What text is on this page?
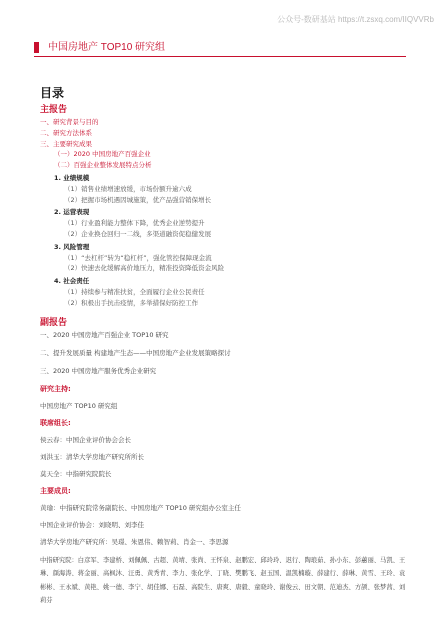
公众号-数研基站 https://t.zsxq.com/IIQVVRb
中国房地产 TOP10 研究组
目录
主报告
一、研究背景与目的
二、研究方法体系
三、主要研究成果
（一）2020 中国房地产百强企业
（二）百强企业整体发展特点分析
1. 业绩规模
（1）销售业绩增速放缓，市场份额升逾六成
（2）把握市场机遇因城施策，优产品强营销保增长
2. 运营表现
（1）行业盈利能力整体下降，优秀企业逆势提升
（2）企业换仓回归一二线，多渠道融资促稳健发展
3. 风险管理
（1）“去杠杆”转为“稳杠杆”，强化管控保障现金流
（2）快速去化缓解高价地压力，精准投资降低资金风险
4. 社会责任
（1）持续参与精准扶贫，全面履行企业公民责任
（2）积极出手抗击疫情，多举措保好防控工作
副报告
一、2020 中国房地产百强企业 TOP10 研究
二、提升发展质量 构建地产生态——中国房地产企业发展策略探讨
三、2020 中国房地产服务优秀企业研究
研究主持:
中国房地产 TOP10 研究组
联席组长:
侯云春：中国企业评价协会会长
刘洪玉：清华大学房地产研究所所长
莫天全：中指研究院院长
主要成员:
黄瑜：中指研究院常务副院长、中国房地产 TOP10 研究组办公室主任
中国企业评价协会：刘晓明、刘李佳
清华大学房地产研究所：吴璟、朱恩伟、赖智莉、肖金一、李思源
中指研究院：白彦军、李建桥、刘佩佩、古超、黄靖、张尚、王怀泉、赵鹏宏、邱玲玲、迟行、陶琅茹、孙小东、彭蕙丽、马凯、王琳、颜海涛、蒋金丽、高枫沐、汪勇、黄秀青、李力、张化学、丁晓、樊鹏飞、赵玉国、温凯楠璇、薛建行、薛琳、黄雪、王玲、袁彬彬、王永斌、黄艳、姚一德、李宁、胡佳娜、石磊、高院生、唐爽、唐毅、童晓玲、谢俊云、田文朝、范迪杰、方颉、张梦茜、刘莉芬
